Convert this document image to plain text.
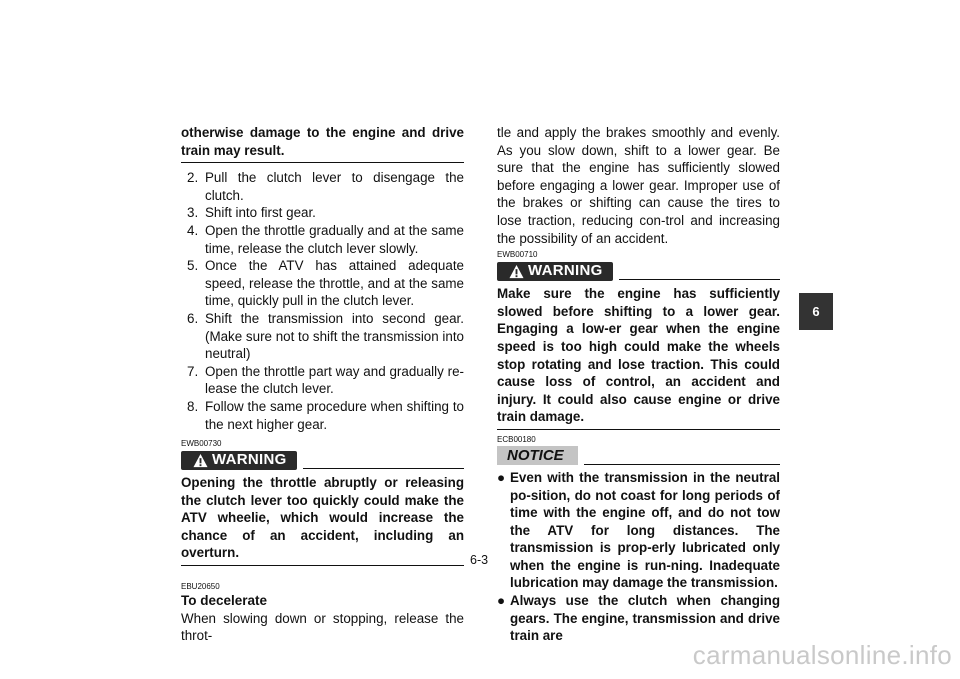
otherwise damage to the engine and drive train may result.
2. Pull the clutch lever to disengage the clutch.
3. Shift into first gear.
4. Open the throttle gradually and at the same time, release the clutch lever slowly.
5. Once the ATV has attained adequate speed, release the throttle, and at the same time, quickly pull in the clutch lever.
6. Shift the transmission into second gear. (Make sure not to shift the transmission into neutral)
7. Open the throttle part way and gradually re-lease the clutch lever.
8. Follow the same procedure when shifting to the next higher gear.
EWB00730
WARNING
Opening the throttle abruptly or releasing the clutch lever too quickly could make the ATV wheelie, which would increase the chance of an accident, including an overturn.
EBU20650
To decelerate
When slowing down or stopping, release the throt-
tle and apply the brakes smoothly and evenly. As you slow down, shift to a lower gear. Be sure that the engine has sufficiently slowed before engaging a lower gear. Improper use of the brakes or shifting can cause the tires to lose traction, reducing con-trol and increasing the possibility of an accident.
EWB00710
WARNING
Make sure the engine has sufficiently slowed before shifting to a lower gear. Engaging a low-er gear when the engine speed is too high could make the wheels stop rotating and lose traction. This could cause loss of control, an accident and injury. It could also cause engine or drive train damage.
ECB00180
NOTICE
● Even with the transmission in the neutral po-sition, do not coast for long periods of time with the engine off, and do not tow the ATV for long distances. The transmission is prop-erly lubricated only when the engine is run-ning. Inadequate lubrication may damage the transmission.
● Always use the clutch when changing gears. The engine, transmission and drive train are
6
6-3
carmanualsonline.info
